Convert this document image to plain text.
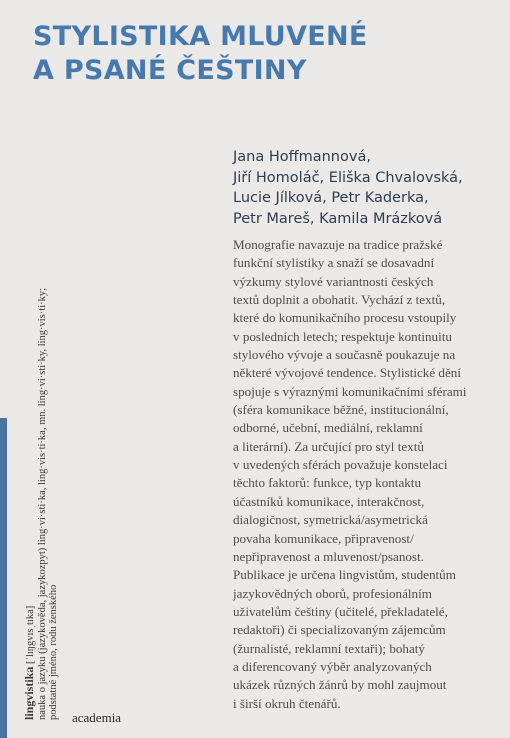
STYLISTIKA MLUVENÉ
A PSANÉ ČEŠTINY
Jana Hoffmannová,
Jiří Homoláč, Eliška Chvalovská,
Lucie Jílková, Petr Kaderka,
Petr Mareš, Kamila Mrázková
Monografie navazuje na tradice pražské
funkční stylistiky a snaží se dosavadní
výzkumy stylové variantnosti českých
textů doplnit a obohatit. Vychází z textů,
které do komunikačního procesu vstoupily
v posledních letech; respektuje kontinuitu
stylového vývoje a současně poukazuje na
některé vývojové tendence. Stylistické dění
spojuje s výraznými komunikačními sférami
(sféra komunikace běžné, institucionální,
odborné, učební, mediální, reklamní
a literární). Za určující pro styl textů
v uvedených sférách považuje konstelaci
těchto faktorů: funkce, typ kontaktu
účastníků komunikace, interakčnost,
dialogičnost, symetrická/asymetrická
povaha komunikace, připravenost/
nepřipravenost a mluvenost/psanost.
Publikace je určena lingvistům, studentům
jazykovědných oborů, profesionálním
uživatelům češtiny (učitelé, překladatelé,
redaktoři) či specializovaným zájemcům
(žurnalisté, reklamní textaři); bohatý
a diferencovaný výběr analyzovaných
ukázek různých žánrů by mohl zaujmout
i širší okruh čtenářů.
lingvistika [ˈlɪŋgvɪsˌtɪka] nauka o jazyku (jazykověda, jazykozpyt) ling·vi·sti·ka, ling·vis·ti·ka, mn. ling·vi·sti·ky, ling·vis·ti·ky; podstatné jméno, rodu ženského academia
